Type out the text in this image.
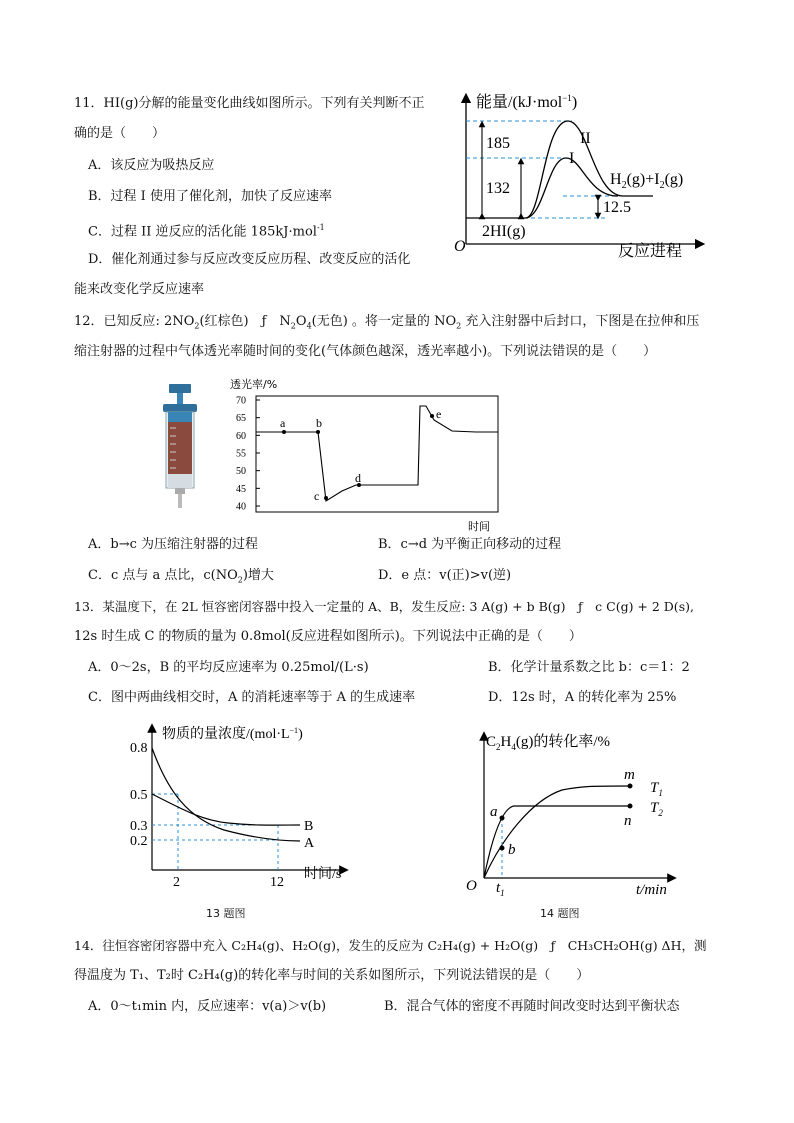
11．HI(g)分解的能量变化曲线如图所示。下列有关判断不正
确的是（　　）
A．该反应为吸热反应
B．过程 I 使用了催化剂，加快了反应速率
C．过程 II 逆反应的活化能 185kJ·mol$^{-1}$
D．催化剂通过参与反应改变反应历程、改变反应的活化
能来改变化学反应速率
能量/(kJ·mol$^{-1}$)
O	反应进程
185
132
12.5
II
I
2HI(g)
$H_2(g)+I_2(g)$
12．已知反应: $2NO_2$(红棕色)　ƒ　$N_2O_4$(无色) 。将一定量的 $NO_2$ 充入注射器中后封口，下图是在拉伸和压
缩注射器的过程中气体透光率随时间的变化(气体颜色越深，透光率越小)。下列说法错误的是（　　）
透光率/%
70
65
60
55
50
45
40
a	b
c
d
e
时间
A．b→c 为压缩注射器的过程	B．c→d 为平衡正向移动的过程
C．c 点与 a 点比，$c(NO_2)$增大	D．e 点：v(正)>v(逆)
13．某温度下，在 2L 恒容密闭容器中投入一定量的 A、B，发生反应: 3 A(g) + b B(g)　ƒ　c C(g) + 2 D(s),
12s 时生成 C 的物质的量为 0.8mol(反应进程如图所示)。下列说法中正确的是（　　）
A．0～2s，B 的平均反应速率为 0.25mol/(L·s)	B．化学计量系数之比 b：c＝1：2
C．图中两曲线相交时，A 的消耗速率等于 A 的生成速率	D．12s 时，A 的转化率为 25%
物质的量浓度$/(mol\cdot L^{-1})$
时间/s
B
A
0.8
0.5
0.3
0.2
2	12
13 题图
$C_2H_4(g)$的转化率/%
O	t/min
a
b
m
n
$T_1$
$T_2$
$t_1$
14 题图
14．往恒容密闭容器中充入 C₂H₄(g)、H₂O(g)，发生的反应为 C₂H₄(g) + H₂O(g)　ƒ　CH₃CH₂OH(g) ΔH，测
得温度为 T₁、T₂时 C₂H₄(g)的转化率与时间的关系如图所示，下列说法错误的是（　　）
A．0～t₁min 内，反应速率：v(a)＞v(b)	B．混合气体的密度不再随时间改变时达到平衡状态
